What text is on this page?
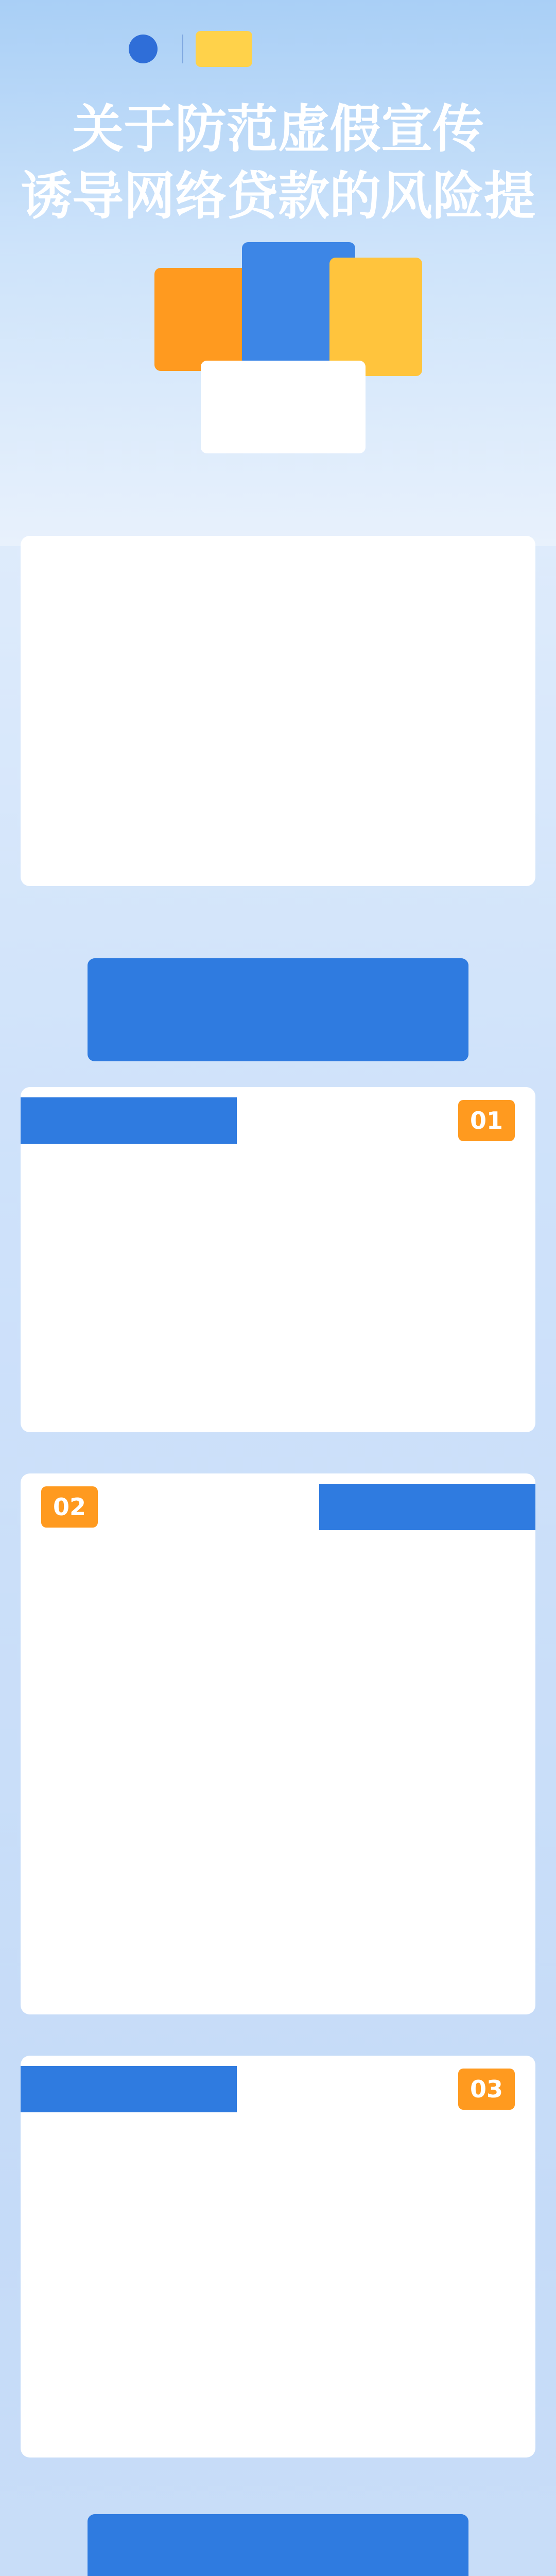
关于防范虚假宣传
诱导网络贷款的风险提

01

02

03
